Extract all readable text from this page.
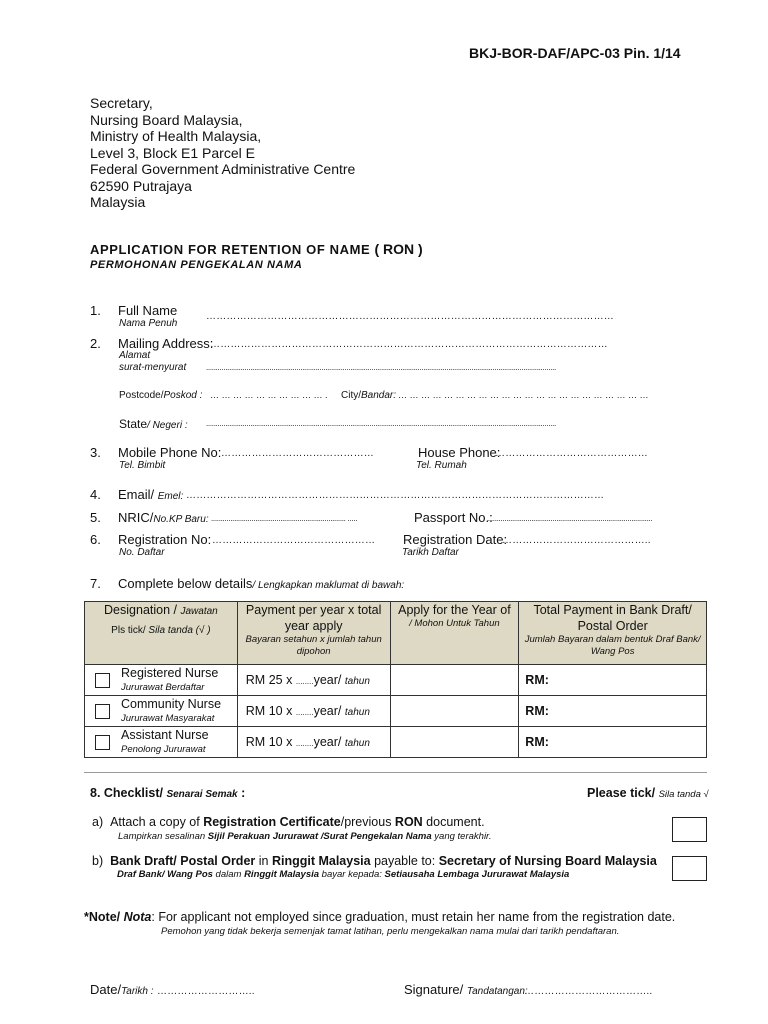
BKJ-BOR-DAF/APC-03 Pin. 1/14
Secretary,
Nursing Board Malaysia,
Ministry of Health Malaysia,
Level 3, Block E1 Parcel E
Federal Government Administrative Centre
62590 Putrajaya
Malaysia
APPLICATION FOR RETENTION OF NAME ( RON )
PERMOHONAN PENGEKALAN NAMA
1. Full Name
Nama Penuh
…………………………………………………………………………………………………………
2. Mailing Address:
………………………………………………………………………………………………………
Alamat
surat-menyurat ......................................................................................................................................................................................
Postcode/Poskod : … … … … … … … … … … . City/Bandar: … … … … … … … … … … … … … … … … … … … … … …
State/ Negeri : ......................................................................................................................................................................................
3. Mobile Phone No: ………………………………………
Tel. Bimbit
House Phone:
………………………………………
Tel. Rumah
4. Email/ Emel: ……………………………………………………………………………………………………………
5. NRIC/No.KP Baru: ...................................................................... .....	Passport No.:
......................................................................................
6. Registration No: …………………………………………
No. Daftar
Registration Date:
……………………………………..
Tarikh Daftar
7. Complete below details/ Lengkapkan maklumat di bawah:
Designation / Jawatan
Pls tick/ Sila tanda (√ )	Payment per year x total year apply
Bayaran setahun x jumlah tahun dipohon	Apply for the Year of
/ Mohon Untuk Tahun	Total Payment in Bank Draft/ Postal Order
Jumlah Bayaran dalam bentuk Draf Bank/ Wang Pos

Registered Nurse
Jururawat Berdaftar	RM 25 x ........year/ tahun		RM:

Community Nurse
Jururawat Masyarakat	RM 10 x ........year/ tahun		RM:

Assistant Nurse
Penolong Jururawat	RM 10 x ........year/ tahun		RM:
8. Checklist/ Senarai Semak :	Please tick/ Sila tanda √
a) Attach a copy of Registration Certificate/previous RON document.
Lampirkan sesalinan Sijil Perakuan Jururawat /Surat Pengekalan Nama yang terakhir.
b) Bank Draft/ Postal Order in Ringgit Malaysia payable to: Secretary of Nursing Board Malaysia
Draf Bank/ Wang Pos dalam Ringgit Malaysia bayar kepada: Setiausaha Lembaga Jururawat Malaysia
*Note/ Nota: For applicant not employed since graduation, must retain her name from the registration date.
Pemohon yang tidak bekerja semenjak tamat latihan, perlu mengekalkan nama mulai dari tarikh pendaftaran.
Date/Tarikh : ………………………..	Signature/ Tandatangan:
………………………………..
